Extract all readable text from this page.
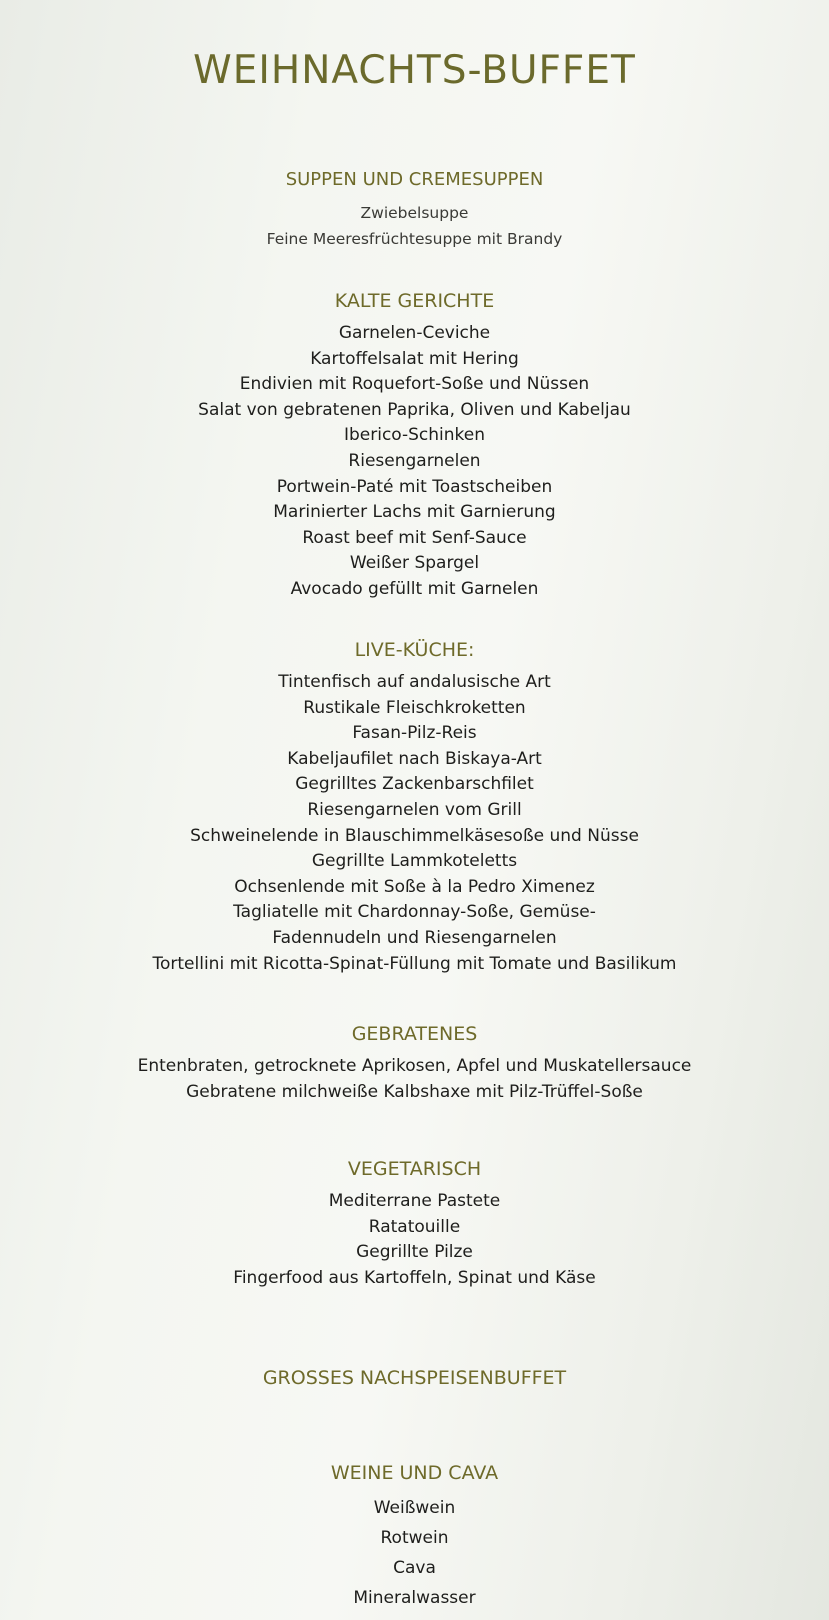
WEIHNACHTS-BUFFET
SUPPEN UND CREMESUPPEN
Zwiebelsuppe
Feine Meeresfrüchtesuppe mit Brandy
KALTE GERICHTE
Garnelen-Ceviche
Kartoffelsalat mit Hering
Endivien mit Roquefort-Soße und Nüssen
Salat von gebratenen Paprika, Oliven und Kabeljau
Iberico-Schinken
Riesengarnelen
Portwein-Paté mit Toastscheiben
Marinierter Lachs mit Garnierung
Roast beef mit Senf-Sauce
Weißer Spargel
Avocado gefüllt mit Garnelen
LIVE-KÜCHE:
Tintenfisch auf andalusische Art
Rustikale Fleischkroketten
Fasan-Pilz-Reis
Kabeljaufilet nach Biskaya-Art
Gegrilltes Zackenbarschfilet
Riesengarnelen vom Grill
Schweinelende in Blauschimmelkäsesoße und Nüsse
Gegrillte Lammkoteletts
Ochsenlende mit Soße à la Pedro Ximenez
Tagliatelle mit Chardonnay-Soße, Gemüse-
Fadennudeln und Riesengarnelen
Tortellini mit Ricotta-Spinat-Füllung mit Tomate und Basilikum
GEBRATENES
Entenbraten, getrocknete Aprikosen, Apfel und Muskatellersauce
Gebratene milchweiße Kalbshaxe mit Pilz-Trüffel-Soße
VEGETARISCH
Mediterrane Pastete
Ratatouille
Gegrillte Pilze
Fingerfood aus Kartoffeln, Spinat und Käse
GROSSES NACHSPEISENBUFFET
WEINE UND CAVA
Weißwein
Rotwein
Cava
Mineralwasser
